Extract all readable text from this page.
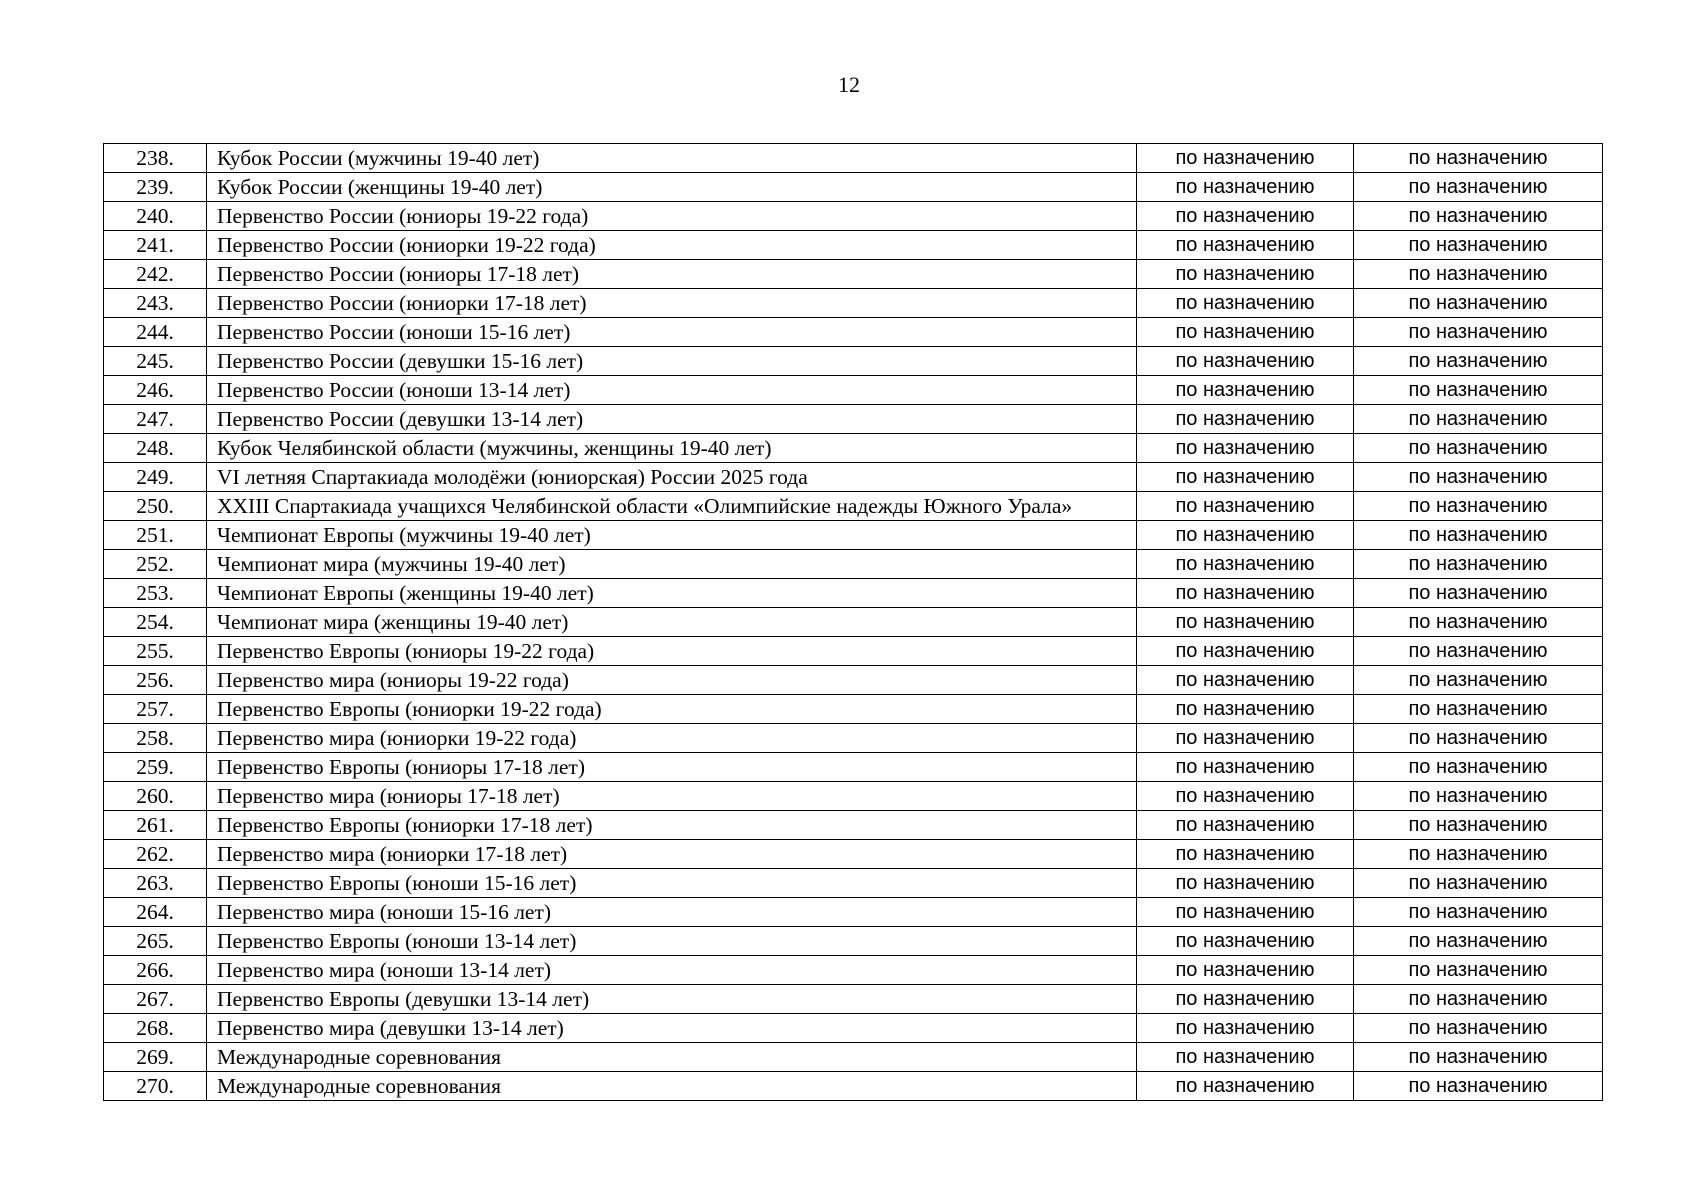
12
238.	Кубок России (мужчины 19-40 лет)	по назначению	по назначению
239.	Кубок России (женщины 19-40 лет)	по назначению	по назначению
240.	Первенство России (юниоры 19-22 года)	по назначению	по назначению
241.	Первенство России (юниорки 19-22 года)	по назначению	по назначению
242.	Первенство России (юниоры 17-18 лет)	по назначению	по назначению
243.	Первенство России (юниорки 17-18 лет)	по назначению	по назначению
244.	Первенство России (юноши 15-16 лет)	по назначению	по назначению
245.	Первенство России (девушки 15-16 лет)	по назначению	по назначению
246.	Первенство России (юноши 13-14 лет)	по назначению	по назначению
247.	Первенство России (девушки 13-14 лет)	по назначению	по назначению
248.	Кубок Челябинской области (мужчины, женщины 19-40 лет)	по назначению	по назначению
249.	VI летняя Спартакиада молодёжи (юниорская) России 2025 года	по назначению	по назначению
250.	XXIII Спартакиада учащихся Челябинской области «Олимпийские надежды Южного Урала»	по назначению	по назначению
251.	Чемпионат Европы (мужчины 19-40 лет)	по назначению	по назначению
252.	Чемпионат мира (мужчины 19-40 лет)	по назначению	по назначению
253.	Чемпионат Европы (женщины 19-40 лет)	по назначению	по назначению
254.	Чемпионат мира (женщины 19-40 лет)	по назначению	по назначению
255.	Первенство Европы (юниоры 19-22 года)	по назначению	по назначению
256.	Первенство мира (юниоры 19-22 года)	по назначению	по назначению
257.	Первенство Европы (юниорки 19-22 года)	по назначению	по назначению
258.	Первенство мира (юниорки 19-22 года)	по назначению	по назначению
259.	Первенство Европы (юниоры 17-18 лет)	по назначению	по назначению
260.	Первенство мира (юниоры 17-18 лет)	по назначению	по назначению
261.	Первенство Европы (юниорки 17-18 лет)	по назначению	по назначению
262.	Первенство мира (юниорки 17-18 лет)	по назначению	по назначению
263.	Первенство Европы (юноши 15-16 лет)	по назначению	по назначению
264.	Первенство мира (юноши 15-16 лет)	по назначению	по назначению
265.	Первенство Европы (юноши 13-14 лет)	по назначению	по назначению
266.	Первенство мира (юноши 13-14 лет)	по назначению	по назначению
267.	Первенство Европы (девушки 13-14 лет)	по назначению	по назначению
268.	Первенство мира (девушки 13-14 лет)	по назначению	по назначению
269.	Международные соревнования	по назначению	по назначению
270.	Международные соревнования	по назначению	по назначению
